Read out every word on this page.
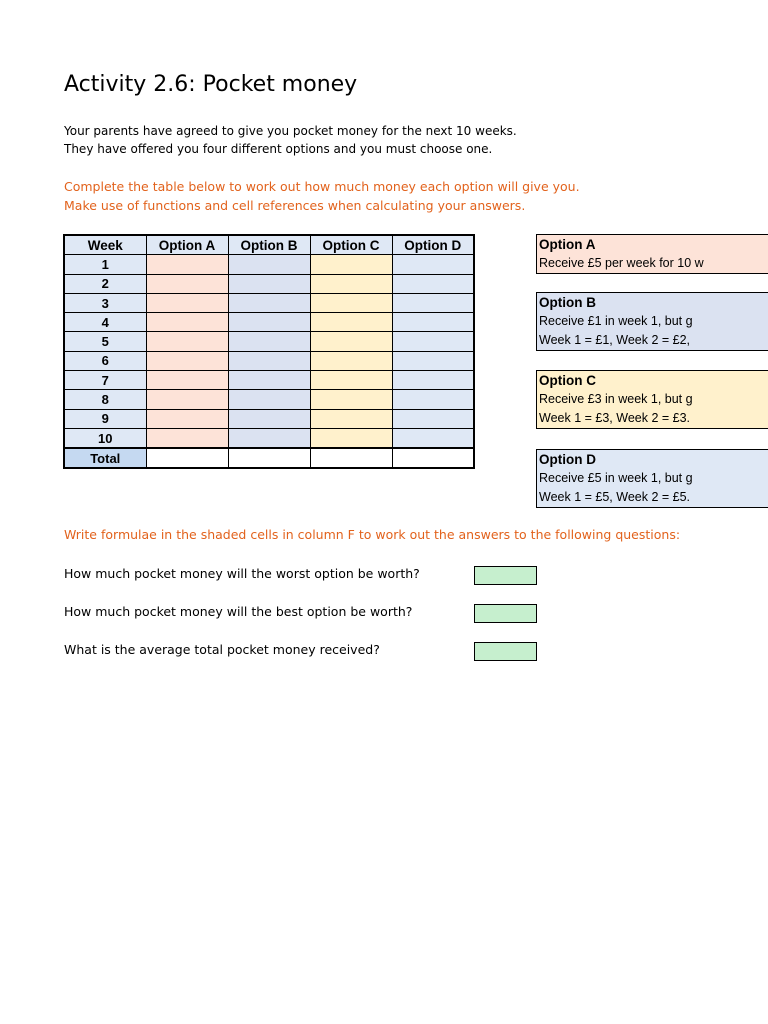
Activity 2.6: Pocket money
Your parents have agreed to give you pocket money for the next 10 weeks.
They have offered you four different options and you must choose one.
Complete the table below to work out how much money each option will give you.
Make use of functions and cell references when calculating your answers.
Week	Option A	Option B	Option C	Option D
1				
2				
3				
4				
5				
6				
7				
8				
9				
10				
Total				
Option A
Receive £5 per week for 10 w
Option B
Receive £1 in week 1, but g
Week 1 = £1, Week 2 = £2,
Option C
Receive £3 in week 1, but g
Week 1 = £3, Week 2 = £3.
Option D
Receive £5 in week 1, but g
Week 1 = £5, Week 2 = £5.
Write formulae in the shaded cells in column F to work out the answers to the following questions:
How much pocket money will the worst option be worth?
How much pocket money will the best option be worth?
What is the average total pocket money received?
